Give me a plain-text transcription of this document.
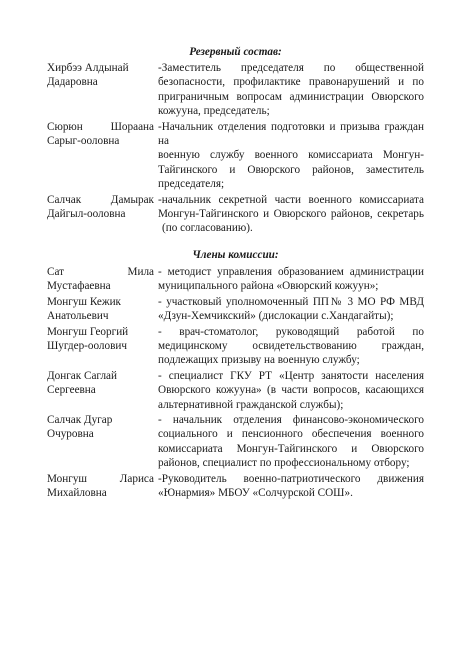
Резервный состав:
Хирбээ Алдынай
Дадаровна
-Заместитель председателя по общественной
безопасности, профилактике правонарушений и по
приграничным вопросам администрации Овюрского
кожууна, председатель;
Сюрюн Шораана
Сарыг-ооловна
-Начальник отделения подготовки и призыва граждан на
военную службу военного комиссариата Монгун-
Тайгинского и Овюрского районов, заместитель
председателя;
Салчак Дамырак
Дайгыл-ооловна
-начальник секретной части военного комиссариата
Монгун-Тайгинского и Овюрского районов, секретарь
(по согласованию).
Члены комиссии:
Сат Мила
Мустафаевна
- методист управления образованием администрации
муниципального района «Овюрский кожуун»;
Монгуш Кежик
Анатольевич
- участковый уполномоченный ПП№ 3 МО РФ МВД
«Дзун-Хемчикский» (дислокации с.Хандагайты);
Монгуш Георгий
Шугдер-оолович
- врач-стоматолог, руководящий работой по
медицинскому освидетельствованию граждан,
подлежащих призыву на военную службу;
Донгак Саглай
Сергеевна
- специалист ГКУ РТ «Центр занятости населения
Овюрского кожууна» (в части вопросов, касающихся
альтернативной гражданской службы);
Салчак Дугар
Очуровна
- начальник отделения финансово-экономического
социального и пенсионного обеспечения военного
комиссариата Монгун-Тайгинского и Овюрского
районов, специалист по профессиональному отбору;
Монгуш Лариса
Михайловна
-Руководитель военно-патриотического движения
«Юнармия» МБОУ «Солчурской СОШ».
